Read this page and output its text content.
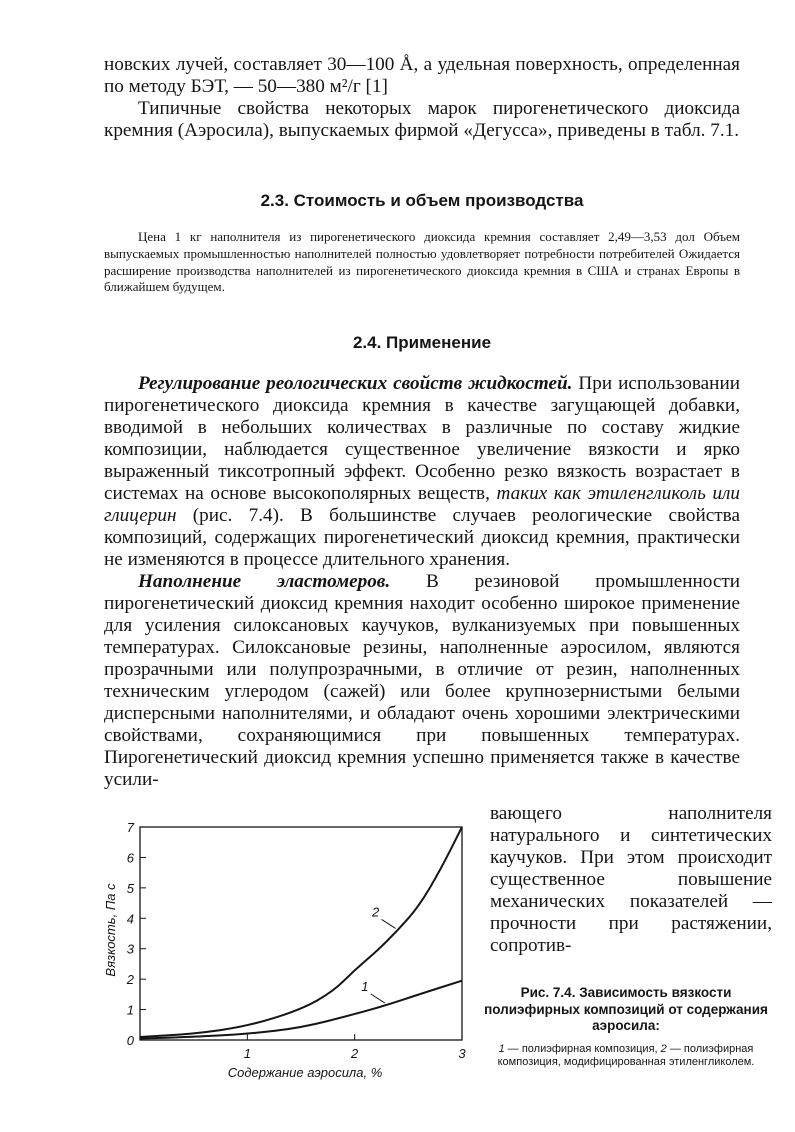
новских лучей, составляет 30—100 Å, а удельная поверхность, определенная по методу БЭТ, — 50—380 м²/г [1]

Типичные свойства некоторых марок пирогенетического диоксида кремния (Аэросила), выпускаемых фирмой «Дегусса», приведены в табл. 7.1.

2.3. Стоимость и объем производства

Цена 1 кг наполнителя из пирогенетического диоксида кремния составляет 2,49—3,53 дол Объем выпускаемых промышленностью наполнителей полностью удовлетворяет потребности потребителей Ожидается расширение производства наполнителей из пирогенетического диоксида кремния в США и странах Европы в ближайшем будущем.

2.4. Применение

Регулирование реологических свойств жидкостей. При использовании пирогенетического диоксида кремния в качестве загущающей добавки, вводимой в небольших количествах в различные по составу жидкие композиции, наблюдается существенное увеличение вязкости и ярко выраженный тиксотропный эффект. Особенно резко вязкость возрастает в системах на основе высокополярных веществ, таких как этиленгликоль или глицерин (рис. 7.4). В большинстве случаев реологические свойства композиций, содержащих пирогенетический диоксид кремния, практически не изменяются в процессе длительного хранения.

Наполнение эластомеров. В резиновой промышленности пирогенетический диоксид кремния находит особенно широкое применение для усиления силоксановых каучуков, вулканизуемых при повышенных температурах. Силоксановые резины, наполненные аэросилом, являются прозрачными или полупрозрачными, в отличие от резин, наполненных техническим углеродом (сажей) или более крупнозернистыми белыми дисперсными наполнителями, и обладают очень хорошими электрическими свойствами, сохраняющимися при повышенных температурах. Пирогенетический диоксид кремния успешно применяется также в качестве усили-

вающего наполнителя натурального и синтетических каучуков. При этом происходит существенное повышение механических показателей — прочности при растяжении, сопротив-

0
1
2
3
4
5
6
7
1	2	3
1
2
Вязкость, Па с
Содержание аэросила, %

Рис. 7.4. Зависимость вязкости полиэфирных композиций от содержания аэросила:

1 — полиэфирная композиция, 2 — полиэфирная композиция, модифицированная этиленгликолем.
